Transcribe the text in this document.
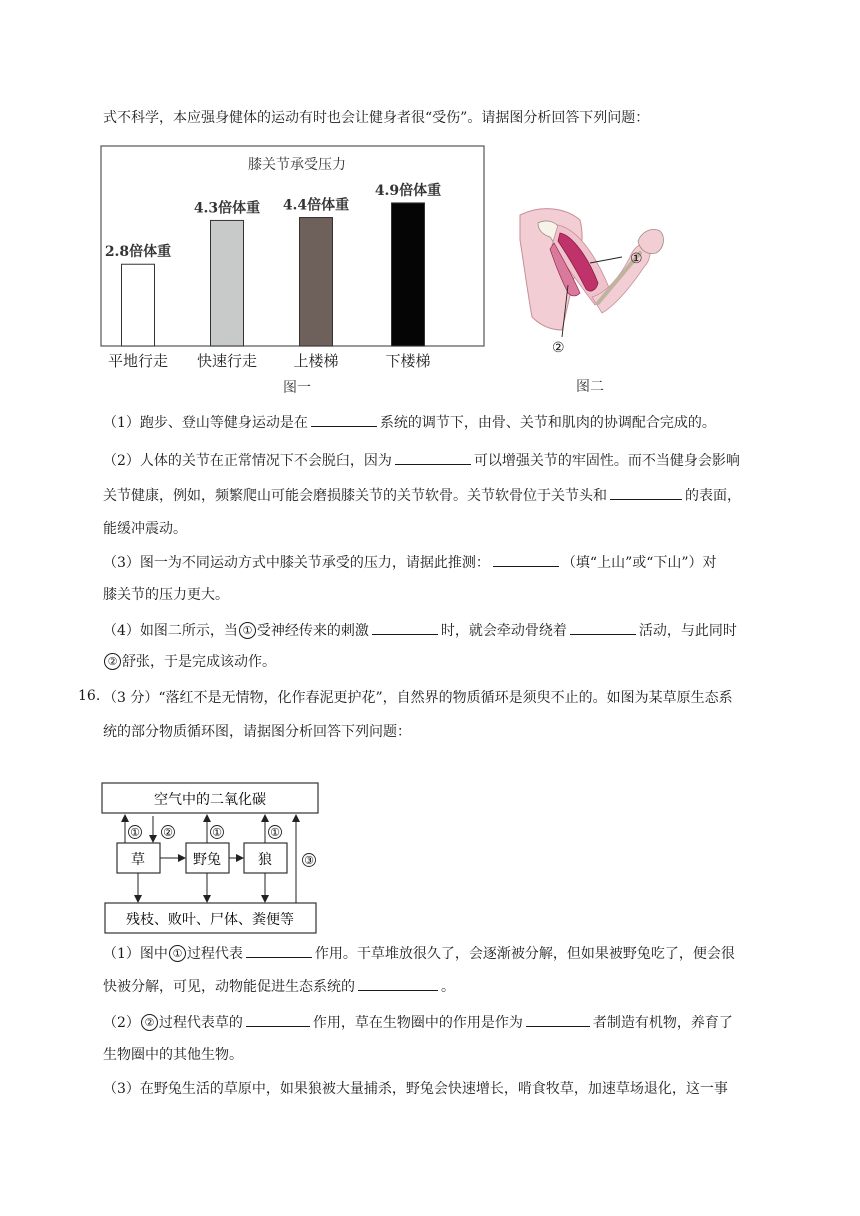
式不科学，本应强身健体的运动有时也会让健身者很“受伤”。请据图分析回答下列问题：
膝关节承受压力
2.8倍体重
4.3倍体重 4.4倍体重
4.9倍体重
平地行走 快速行走 上楼梯	下楼梯
图一
①
②
图二
（1）跑步、登山等健身运动是在	系统的调节下，由骨、关节和肌肉的协调配合完成的。
（2）人体的关节在正常情况下不会脱臼，因为	可以增强关节的牢固性。而不当健身会影响
关节健康，例如，频繁爬山可能会磨损膝关节的关节软骨。关节软骨位于关节头和	的表面，
能缓冲震动。
（3）图一为不同运动方式中膝关节承受的压力，请据此推测：	（填“上山”或“下山”）对
膝关节的压力更大。
（4）如图二所示，当 ① 受神经传来的刺激	时，就会牵动骨绕着	活动，与此同时
② 舒张，于是完成该动作。
16. （3 分）“落红不是无情物，化作春泥更护花”，自然界的物质循环是须臾不止的。如图为某草原生态系
统的部分物质循环图，请据图分析回答下列问题：
空气中的二氧化碳
草	野兔	狼
残枝、败叶、尸体、粪便等
① ②	①	①
③
（1）图中 ① 过程代表	作用。干草堆放很久了，会逐渐被分解，但如果被野兔吃了，便会很
快被分解，可见，动物能促进生态系统的	。
（2） ② 过程代表草的	作用，草在生物圈中的作用是作为	者制造有机物，养育了
生物圈中的其他生物。
（3）在野兔生活的草原中，如果狼被大量捕杀，野兔会快速增长，啃食牧草，加速草场退化，这一事
